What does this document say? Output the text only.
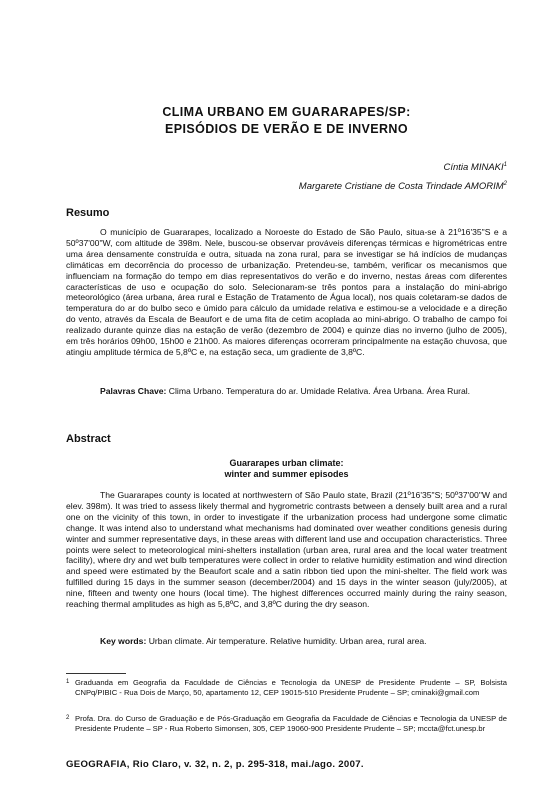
CLIMA URBANO EM GUARARAPES/SP:
EPISÓDIOS DE VERÃO E DE INVERNO
Cíntia MINAKI$^1$
Margarete Cristiane de Costa Trindade AMORIM$^2$
Resumo

O município de Guararapes, localizado a Noroeste do Estado de São Paulo, situa-se à 21º16'35"S e a 50º37'00"W, com altitude de 398m. Nele, buscou-se observar prováveis diferenças térmicas e higrométricas entre uma área densamente construída e outra, situada na zona rural, para se investigar se há indícios de mudanças climáticas em decorrência do processo de urbanização. Pretendeu-se, também, verificar os mecanismos que influenciam na formação do tempo em dias representativos do verão e do inverno, nestas áreas com diferentes características de uso e ocupação do solo. Selecionaram-se três pontos para a instalação do mini-abrigo meteorológico (área urbana, área rural e Estação de Tratamento de Água local), nos quais coletaram-se dados de temperatura do ar do bulbo seco e úmido para cálculo da umidade relativa e estimou-se a velocidade e a direção do vento, através da Escala de Beaufort e de uma fita de cetim acoplada ao mini-abrigo. O trabalho de campo foi realizado durante quinze dias na estação de verão (dezembro de 2004) e quinze dias no inverno (julho de 2005), em três horários 09h00, 15h00 e 21h00. As maiores diferenças ocorreram principalmente na estação chuvosa, que atingiu amplitude térmica de 5,8ºC e, na estação seca, um gradiente de 3,8ºC.

Palavras Chave: Clima Urbano. Temperatura do ar. Umidade Relativa. Área Urbana. Área Rural.
Abstract
Guararapes urban climate:
winter and summer episodes

The Guararapes county is located at northwestern of São Paulo state, Brazil (21º16'35"S; 50º37'00"W and elev. 398m). It was tried to assess likely thermal and hygrometric contrasts between a densely built area and a rural one on the vicinity of this town, in order to investigate if the urbanization process had undergone some climatic change. It was intend also to understand what mechanisms had dominated over weather conditions genesis during winter and summer representative days, in these areas with different land use and occupation characteristics. Three points were select to meteorological mini-shelters installation (urban area, rural area and the local water treatment facility), where dry and wet bulb temperatures were collect in order to relative humidity estimation and wind direction and speed were estimated by the Beaufort scale and a satin ribbon tied upon the mini-shelter. The field work was fulfilled during 15 days in the summer season (december/2004) and 15 days in the winter season (july/2005), at nine, fifteen and twenty one hours (local time). The highest differences occurred mainly during the rainy season, reaching thermal amplitudes as high as 5,8ºC, and 3,8ºC during the dry season.

Key words: Urban climate. Air temperature. Relative humidity. Urban area, rural area.
1 Graduanda em Geografia da Faculdade de Ciências e Tecnologia da UNESP de Presidente Prudente – SP, Bolsista CNPq/PIBIC - Rua Dois de Março, 50, apartamento 12, CEP 19015-510 Presidente Prudente – SP; cminaki@gmail.com
2 Profa. Dra. do Curso de Graduação e de Pós-Graduação em Geografia da Faculdade de Ciências e Tecnologia da UNESP de Presidente Prudente – SP - Rua Roberto Simonsen, 305, CEP 19060-900 Presidente Prudente – SP; mccta@fct.unesp.br
GEOGRAFIA, Rio Claro, v. 32, n. 2, p. 295-318, mai./ago. 2007.
